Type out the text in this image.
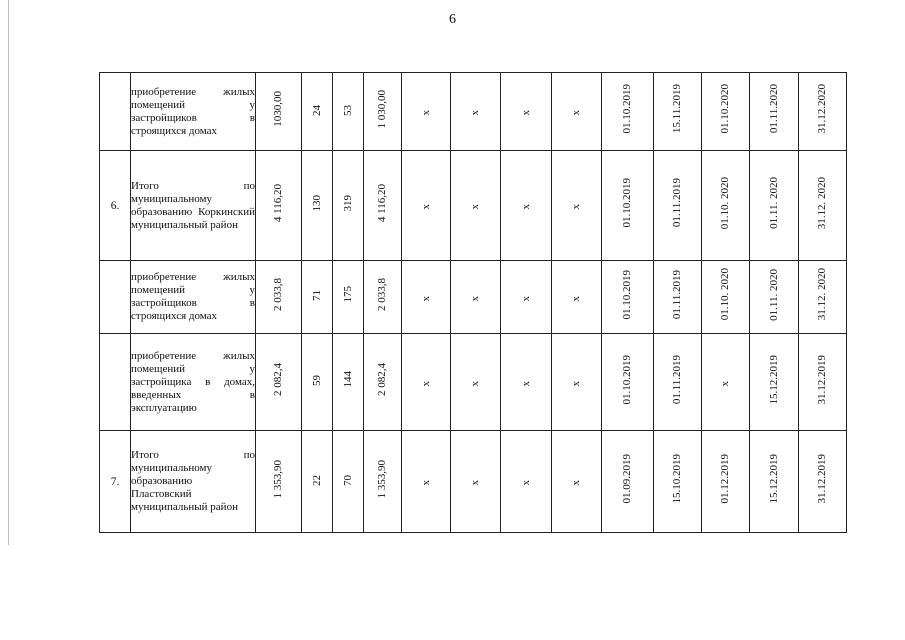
6
	приобретение жилых помещений у застройщиков в строящихся домах	1030,00	24	53	1 030,00	х	х	х	х	01.10.2019	15.11.2019	01.10.2020	01.11.2020	31.12.2020
6.	Итого по муниципальному образованию Коркинский муниципальный район	4 116,20	130	319	4 116,20	х	х	х	х	01.10.2019	01.11.2019	01.10. 2020	01.11. 2020	31.12. 2020
	приобретение жилых помещений у застройщиков в строящихся домах	2 033,8	71	175	2 033,8	х	х	х	х	01.10.2019	01.11.2019	01.10. 2020	01.11. 2020	31.12. 2020
	приобретение жилых помещений у застройщика в домах, введенных в эксплуатацию	2 082,4	59	144	2 082,4	х	х	х	х	01.10.2019	01.11.2019	х	15.12.2019	31.12.2019
7.	Итого по муниципальному образованию Пластовский муниципальный район	1 353,90	22	70	1 353,90	х	х	х	х	01.09.2019	15.10.2019	01.12.2019	15.12.2019	31.12.2019
